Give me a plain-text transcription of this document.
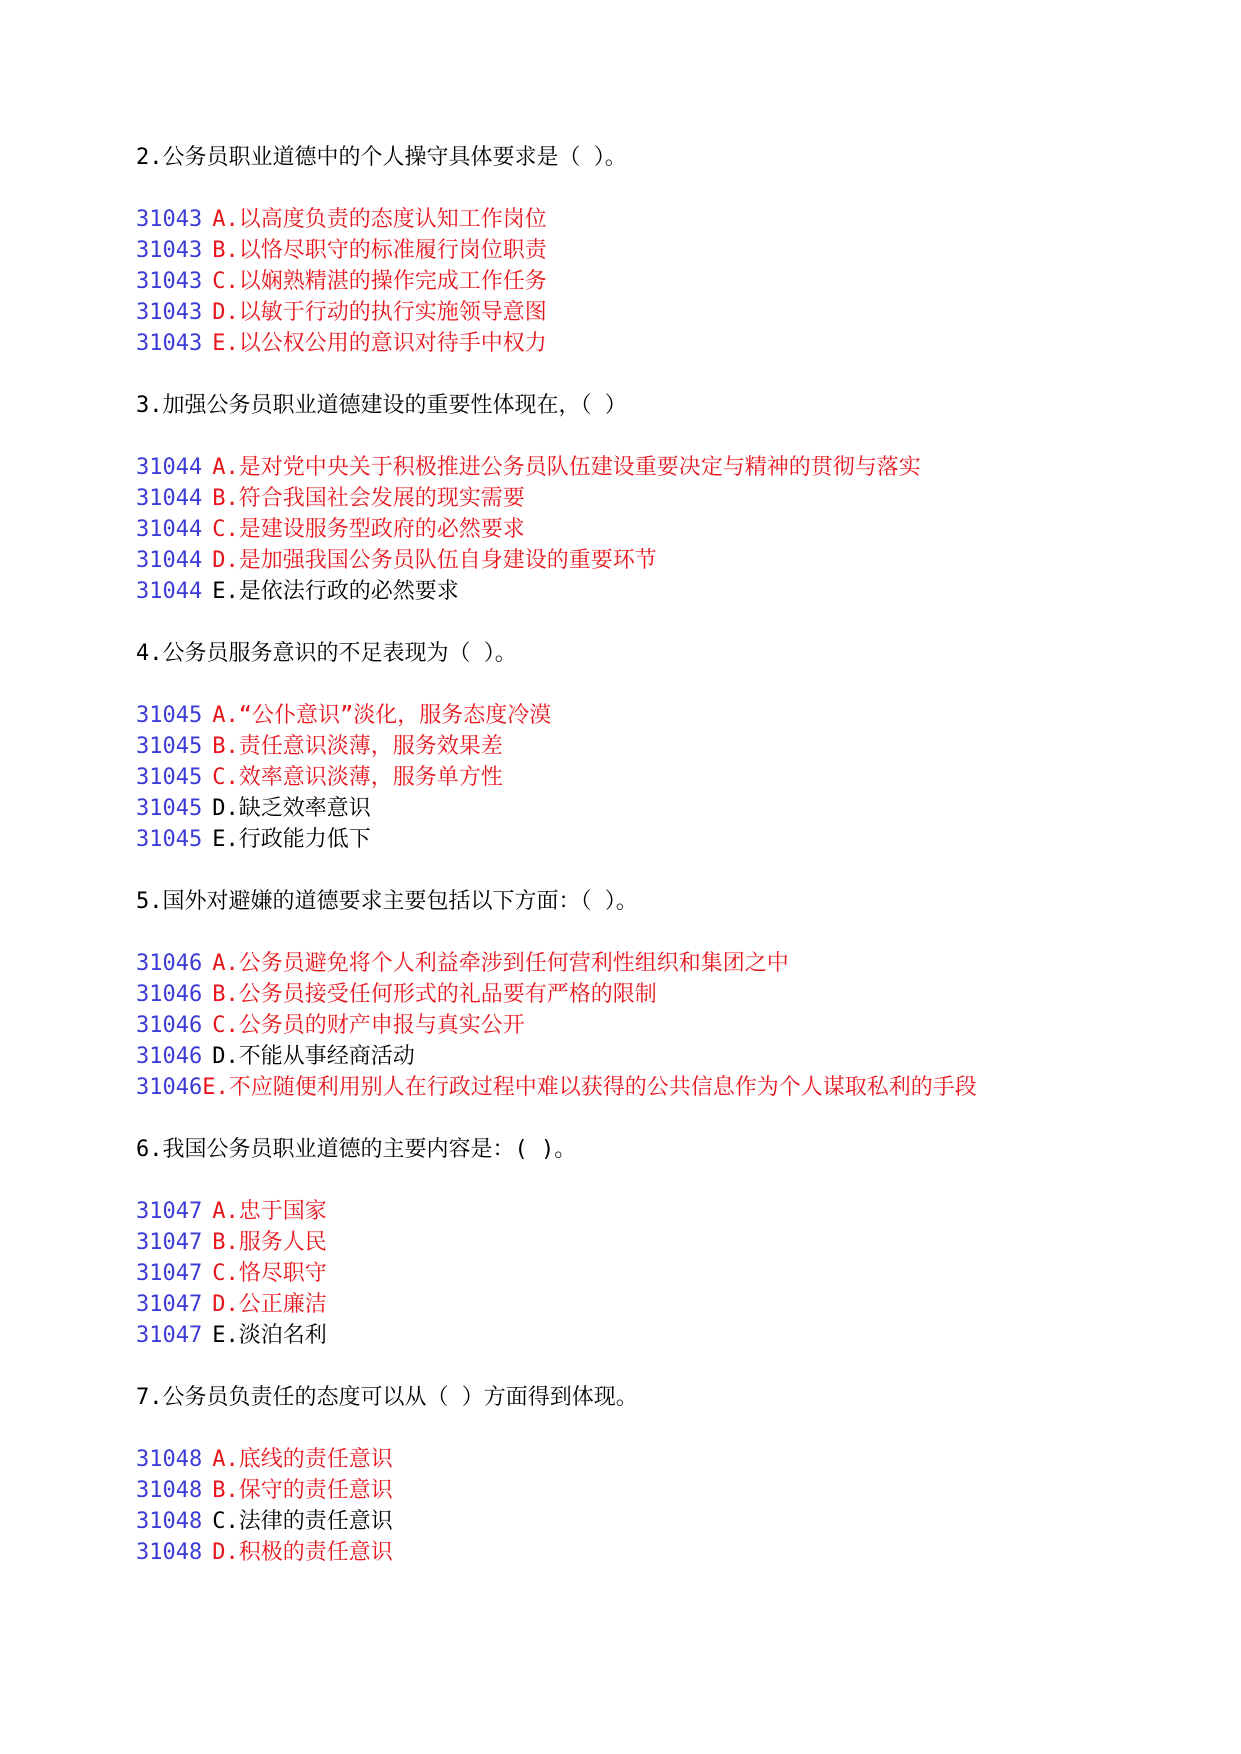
2.公务员职业道德中的个人操守具体要求是（ ）。
31043 A.以高度负责的态度认知工作岗位
31043 B.以恪尽职守的标准履行岗位职责
31043 C.以娴熟精湛的操作完成工作任务
31043 D.以敏于行动的执行实施领导意图
31043 E.以公权公用的意识对待手中权力
3.加强公务员职业道德建设的重要性体现在，（ ）
31044 A.是对党中央关于积极推进公务员队伍建设重要决定与精神的贯彻与落实
31044 B.符合我国社会发展的现实需要
31044 C.是建设服务型政府的必然要求
31044 D.是加强我国公务员队伍自身建设的重要环节
31044 E.是依法行政的必然要求
4.公务员服务意识的不足表现为（ ）。
31045 A.“公仆意识”淡化，服务态度冷漠
31045 B.责任意识淡薄，服务效果差
31045 C.效率意识淡薄，服务单方性
31045 D.缺乏效率意识
31045 E.行政能力低下
5.国外对避嫌的道德要求主要包括以下方面：（ ）。
31046 A.公务员避免将个人利益牵涉到任何营利性组织和集团之中
31046 B.公务员接受任何形式的礼品要有严格的限制
31046 C.公务员的财产申报与真实公开
31046 D.不能从事经商活动
31046E.不应随便利用别人在行政过程中难以获得的公共信息作为个人谋取私利的手段
6.我国公务员职业道德的主要内容是：( )。
31047 A.忠于国家
31047 B.服务人民
31047 C.恪尽职守
31047 D.公正廉洁
31047 E.淡泊名利
7.公务员负责任的态度可以从（ ）方面得到体现。
31048 A.底线的责任意识
31048 B.保守的责任意识
31048 C.法律的责任意识
31048 D.积极的责任意识
